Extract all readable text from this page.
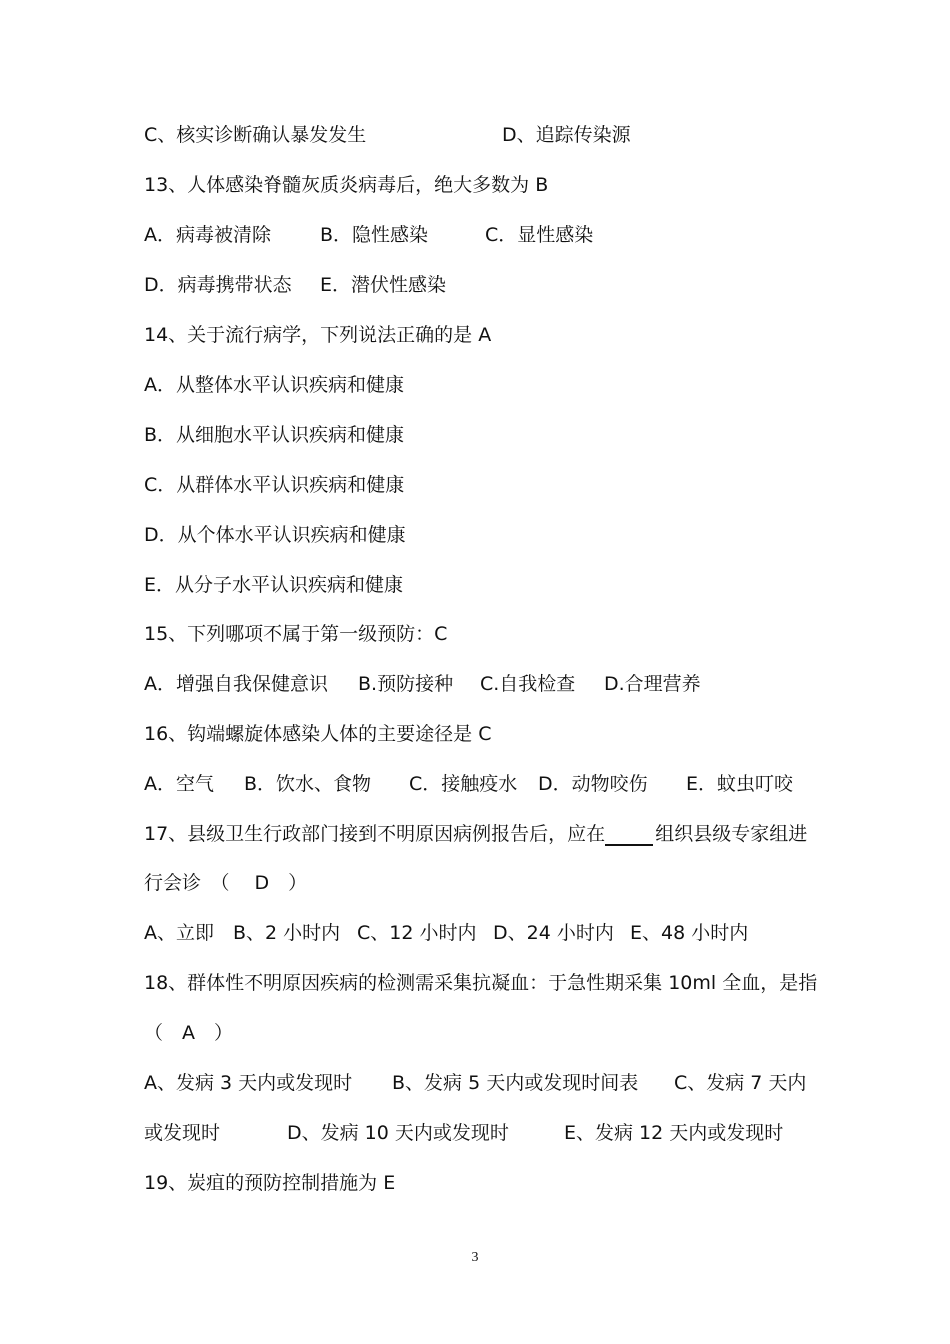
C、核实诊断确认暴发发生	D、追踪传染源
13、人体感染脊髓灰质炎病毒后，绝大多数为 B
A．病毒被清除	B．隐性感染	C．显性感染
D．病毒携带状态 E．潜伏性感染
14、关于流行病学，下列说法正确的是 A
A．从整体水平认识疾病和健康
B．从细胞水平认识疾病和健康
C．从群体水平认识疾病和健康
D．从个体水平认识疾病和健康
E．从分子水平认识疾病和健康
15、下列哪项不属于第一级预防：C
A．增强自我保健意识 B.预防接种 C.自我检查 D.合理营养
16、钩端螺旋体感染人体的主要途径是 C
A．空气 B．饮水、食物 C．接触疫水 D．动物咬伤 E．蚊虫叮咬
17、县级卫生行政部门接到不明原因病例报告后，应在	组织县级专家组进
行会诊　（　 D　）
A、立即 B、2 小时内 C、12 小时内 D、24 小时内 E、48 小时内
18、群体性不明原因疾病的检测需采集抗凝血：于急性期采集 10ml 全血，是指
（　A　）
A、发病 3 天内或发现时 B、发病 5 天内或发现时间表 C、发病 7 天内
或发现时	D、发病 10 天内或发现时	E、发病 12 天内或发现时
19、炭疽的预防控制措施为 E
3
